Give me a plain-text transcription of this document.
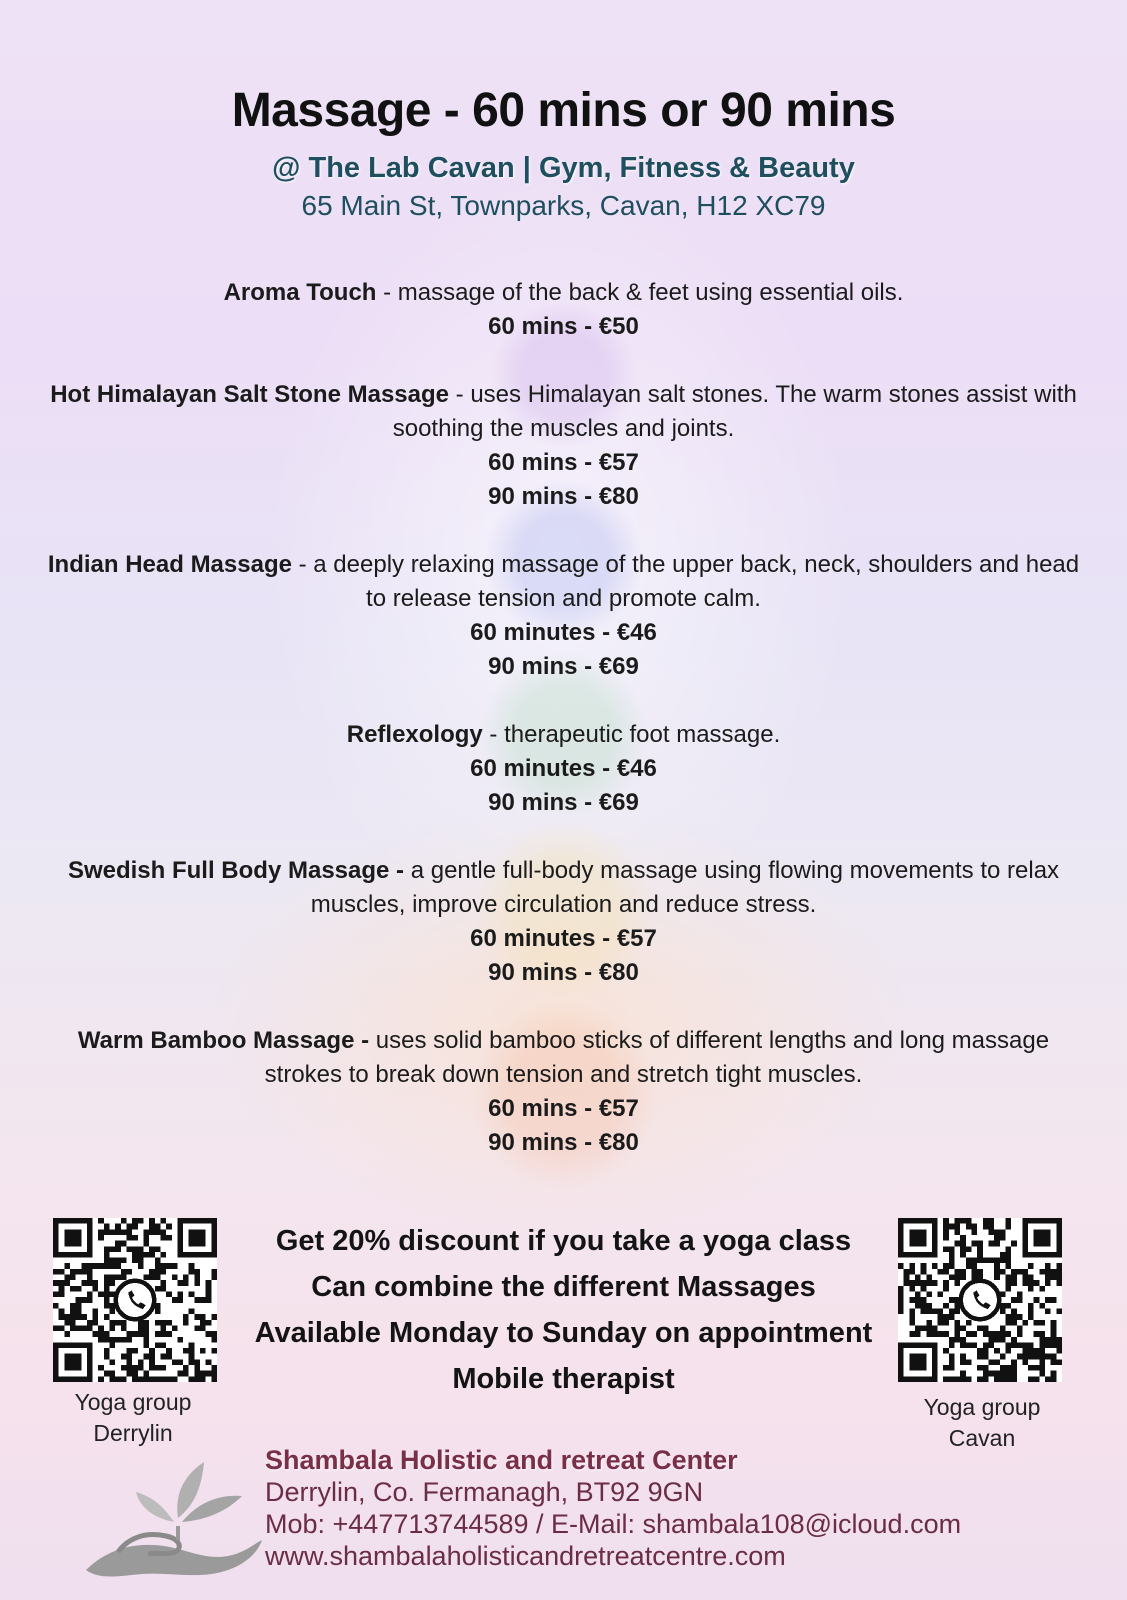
Massage - 60 mins or 90 mins
@ The Lab Cavan | Gym, Fitness & Beauty
65 Main St, Townparks, Cavan, H12 XC79
Aroma Touch - massage of the back & feet using essential oils.
60 mins - €50
Hot Himalayan Salt Stone Massage - uses Himalayan salt stones. The warm stones assist with soothing the muscles and joints.
60 mins - €57
90 mins - €80
Indian Head Massage - a deeply relaxing massage of the upper back, neck, shoulders and head to release tension and promote calm.
60 minutes - €46
90 mins - €69
Reflexology - therapeutic foot massage.
60 minutes - €46
90 mins - €69
Swedish Full Body Massage - a gentle full-body massage using flowing movements to relax muscles, improve circulation and reduce stress.
60 minutes - €57
90 mins - €80
Warm Bamboo Massage - uses solid bamboo sticks of different lengths and long massage strokes to break down tension and stretch tight muscles.
60 mins - €57
90 mins - €80
Yoga group
Derrylin
Get 20% discount if you take a yoga class
Can combine the different Massages
Available Monday to Sunday on appointment
Mobile therapist
Yoga group
Cavan
Shambala Holistic and retreat Center
Derrylin, Co. Fermanagh, BT92 9GN
Mob: +447713744589 / E-Mail: shambala108@icloud.com
www.shambalaholisticandretreatcentre.com
